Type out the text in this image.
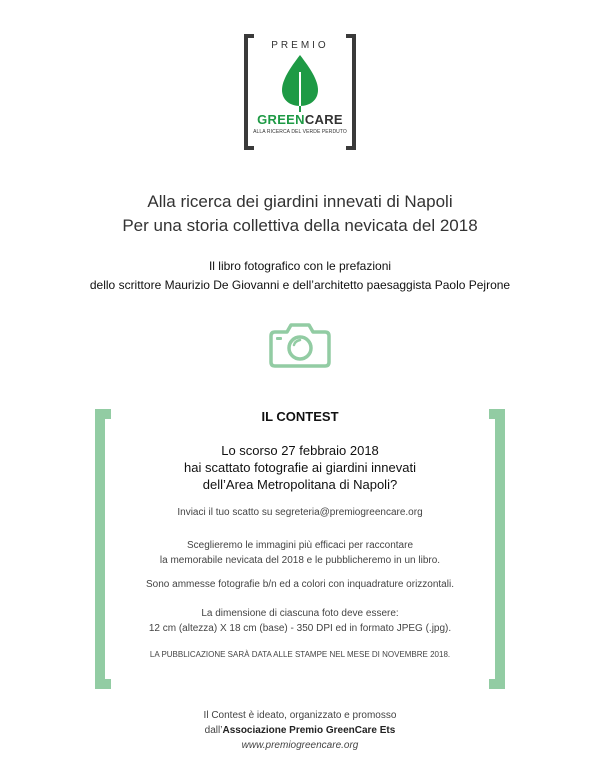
PREMIO
GREENCARE
ALLA RICERCA DEL VERDE PERDUTO
Alla ricerca dei giardini innevati di Napoli
Per una storia collettiva della nevicata del 2018
Il libro fotografico con le prefazioni
dello scrittore Maurizio De Giovanni e dell’architetto paesaggista Paolo Pejrone
IL CONTEST
Lo scorso 27 febbraio 2018
hai scattato fotografie ai giardini innevati
dell’Area Metropolitana di Napoli?
Inviaci il tuo scatto su segreteria@premiogreencare.org
Sceglieremo le immagini più efficaci per raccontare
la memorabile nevicata del 2018 e le pubblicheremo in un libro.
Sono ammesse fotografie b/n ed a colori con inquadrature orizzontali.
La dimensione di ciascuna foto deve essere:
12 cm (altezza) X 18 cm (base) - 350 DPI ed in formato JPEG (.jpg).
LA PUBBLICAZIONE SARÀ DATA ALLE STAMPE NEL MESE DI NOVEMBRE 2018.
Il Contest è ideato, organizzato e promosso
dall’Associazione Premio GreenCare Ets
www.premiogreencare.org
